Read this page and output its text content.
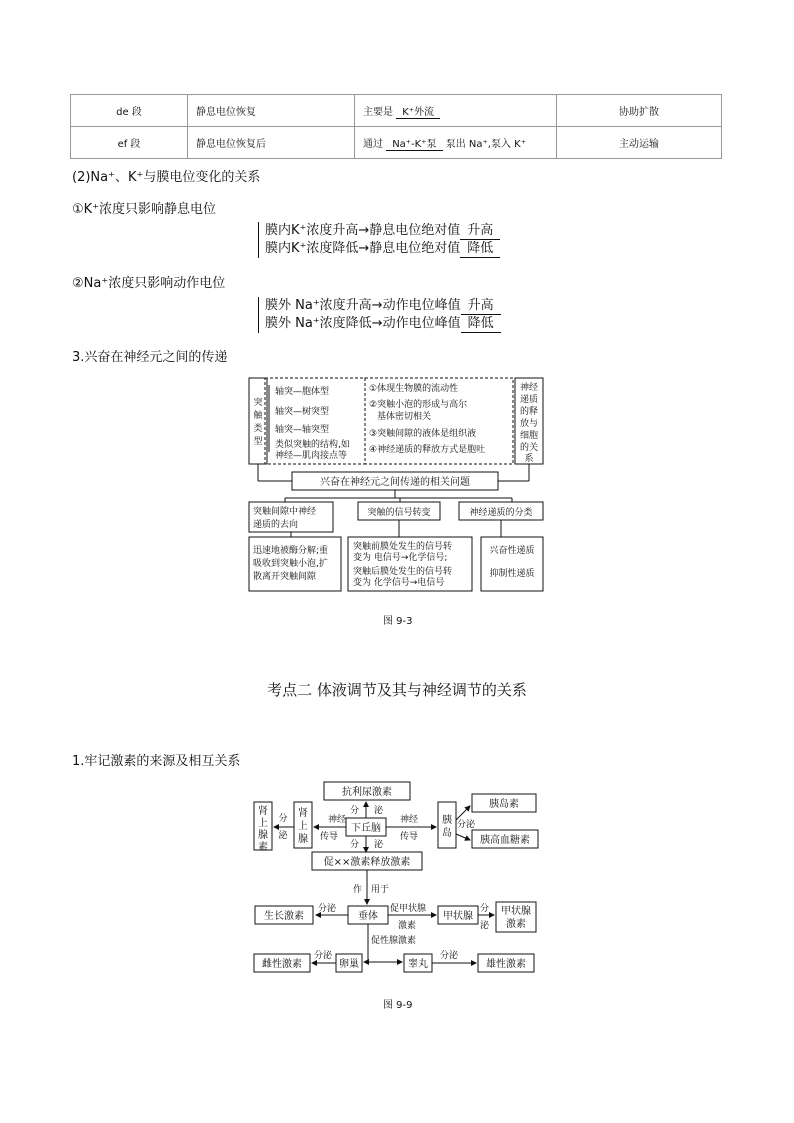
de 段	静息电位恢复	主要是 K⁺外流	协助扩散
ef 段	静息电位恢复后	通过 Na⁺-K⁺泵 泵出 Na⁺,泵入 K⁺	主动运输
(2)Na⁺、K⁺与膜电位变化的关系
①K⁺浓度只影响静息电位
膜内K⁺浓度升高→静息电位绝对值 升高
膜内K⁺浓度降低→静息电位绝对值 降低
②Na⁺浓度只影响动作电位
膜外 Na⁺浓度升高→动作电位峰值 升高
膜外 Na⁺浓度降低→动作电位峰值 降低
3.兴奋在神经元之间的传递
突
触
类
型
轴突—胞体型
轴突—树突型
轴突—轴突型
类似突触的结构,如
神经—肌肉接点等
①体现生物膜的流动性
②突触小泡的形成与高尔
基体密切相关
③突触间隙的液体是组织液
④神经递质的释放方式是胞吐
神经
递质
的释
放与
细胞
的关
系
兴奋在神经元之间传递的相关问题
突触间隙中神经
递质的去向
突触的信号转变	神经递质的分类
迅速地被酶分解;重
吸收到突触小泡,扩
散离开突触间隙
突触前膜处发生的信号转
变为 电信号→化学信号;
突触后膜处发生的信号转
变为 化学信号→电信号
兴奋性递质
抑制性递质
图 9-3
考点二 体液调节及其与神经调节的关系
1.牢记激素的来源及相互关系
抗利尿激素
肾
上
腺
素
肾
上
腺
分
泌
神经
传导
下丘脑
分 泌
分 泌
神经
传导
胰
岛
分泌
胰岛素
胰高血糖素
促××激素释放激素
作 用于
垂体
分泌
生长激素
促甲状腺
激素
甲状腺
分
泌
甲状腺
激素
促性腺激素
卵巢
分泌
雌性激素	睾丸
分泌
雄性激素
图 9-9
